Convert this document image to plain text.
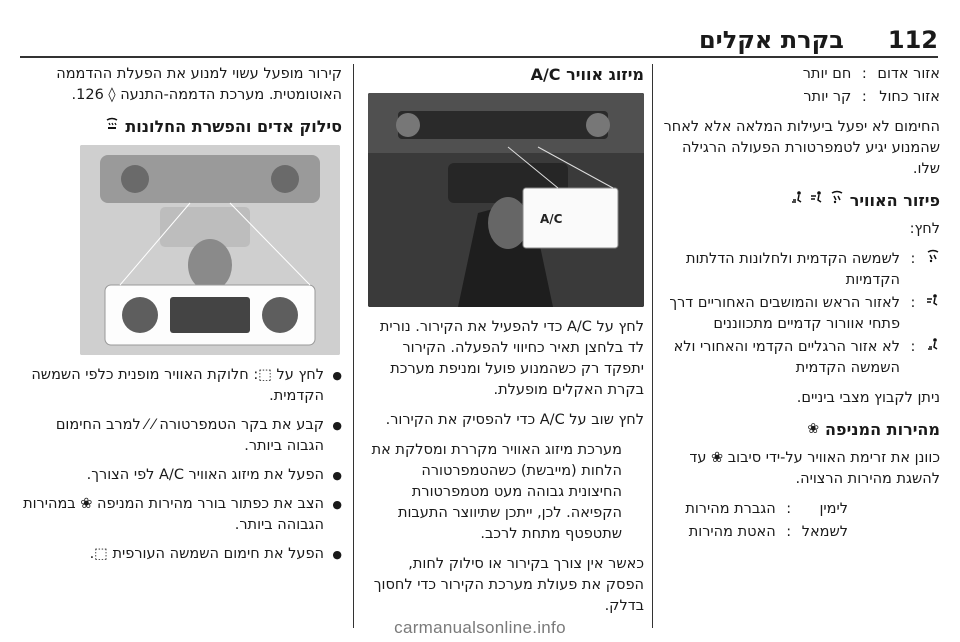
112
בקרת אקלים
אזור אדום
:
חם יותר
אזור כחול
:
קר יותר

החימום לא יפעל ביעילות המלאה אלא לאחר שהמנוע יגיע לטמפרטורת הפעולה הרגילה שלו.

פיזור האוויר

לחץ:

:
לשמשה הקדמית ולחלונות הדלתות הקדמיות
:
לאזור הראש והמושבים האחוריים דרך פתחי אוורור קדמיים מתכווננים
:
לא אזור הרגליים הקדמי והאחורי ולא השמשה הקדמית

ניתן לקבוץ מצבי ביניים.

מהירות המניפה
❀

כוונן את זרימת האוויר על-ידי סיבוב ❀ עד להשגת מהירות הרצויה.

לימין
:
הגברת מהירות
לשמאל
:
האטת מהירות
מיזוג אוויר A/C
A/C

לחץ על A/C כדי להפעיל את הקירור. נורית לד בלחצן תאיר כחיווי להפעלה. הקירור יתפקד רק כשהמנוע פועל ומניפת מערכת בקרת האקלים מופעלת.

לחץ שוב על A/C כדי להפסיק את הקירור.

מערכת מיזוג האוויר מקררת ומסלקת את הלחות (מייבשת) כשהטמפרטורה החיצונית גבוהה מעט מטמפרטורת הקפיאה. לכן, ייתכן שתיווצר התעבות שתטפטף מתחת לרכב.

כאשר אין צורך בקירור או סילוק לחות, הפסק את פעולת מערכת הקירור כדי לחסוך בדלק.

קירור מופעל עשוי למנוע את הפעלת ההדממה האוטומטית. מערכת הדממה-התנעה ◊ 126.

סילוק אדים והפשרת החלונות
● לחץ על ⬚: חלוקת האוויר מופנית כלפי השמשה הקדמית.
● קבע את בקר הטמפרטורה ⁄ ⁄ למרב החימום הגבוה ביותר.
● הפעל את מיזוג האוויר A/C לפי הצורך.
● הצב את כפתור בורר מהירות המניפה ❀ במהירות הגבוהה ביותר.
● הפעל את חימום השמשה העורפית ⬚.
carmanualsonline.info
